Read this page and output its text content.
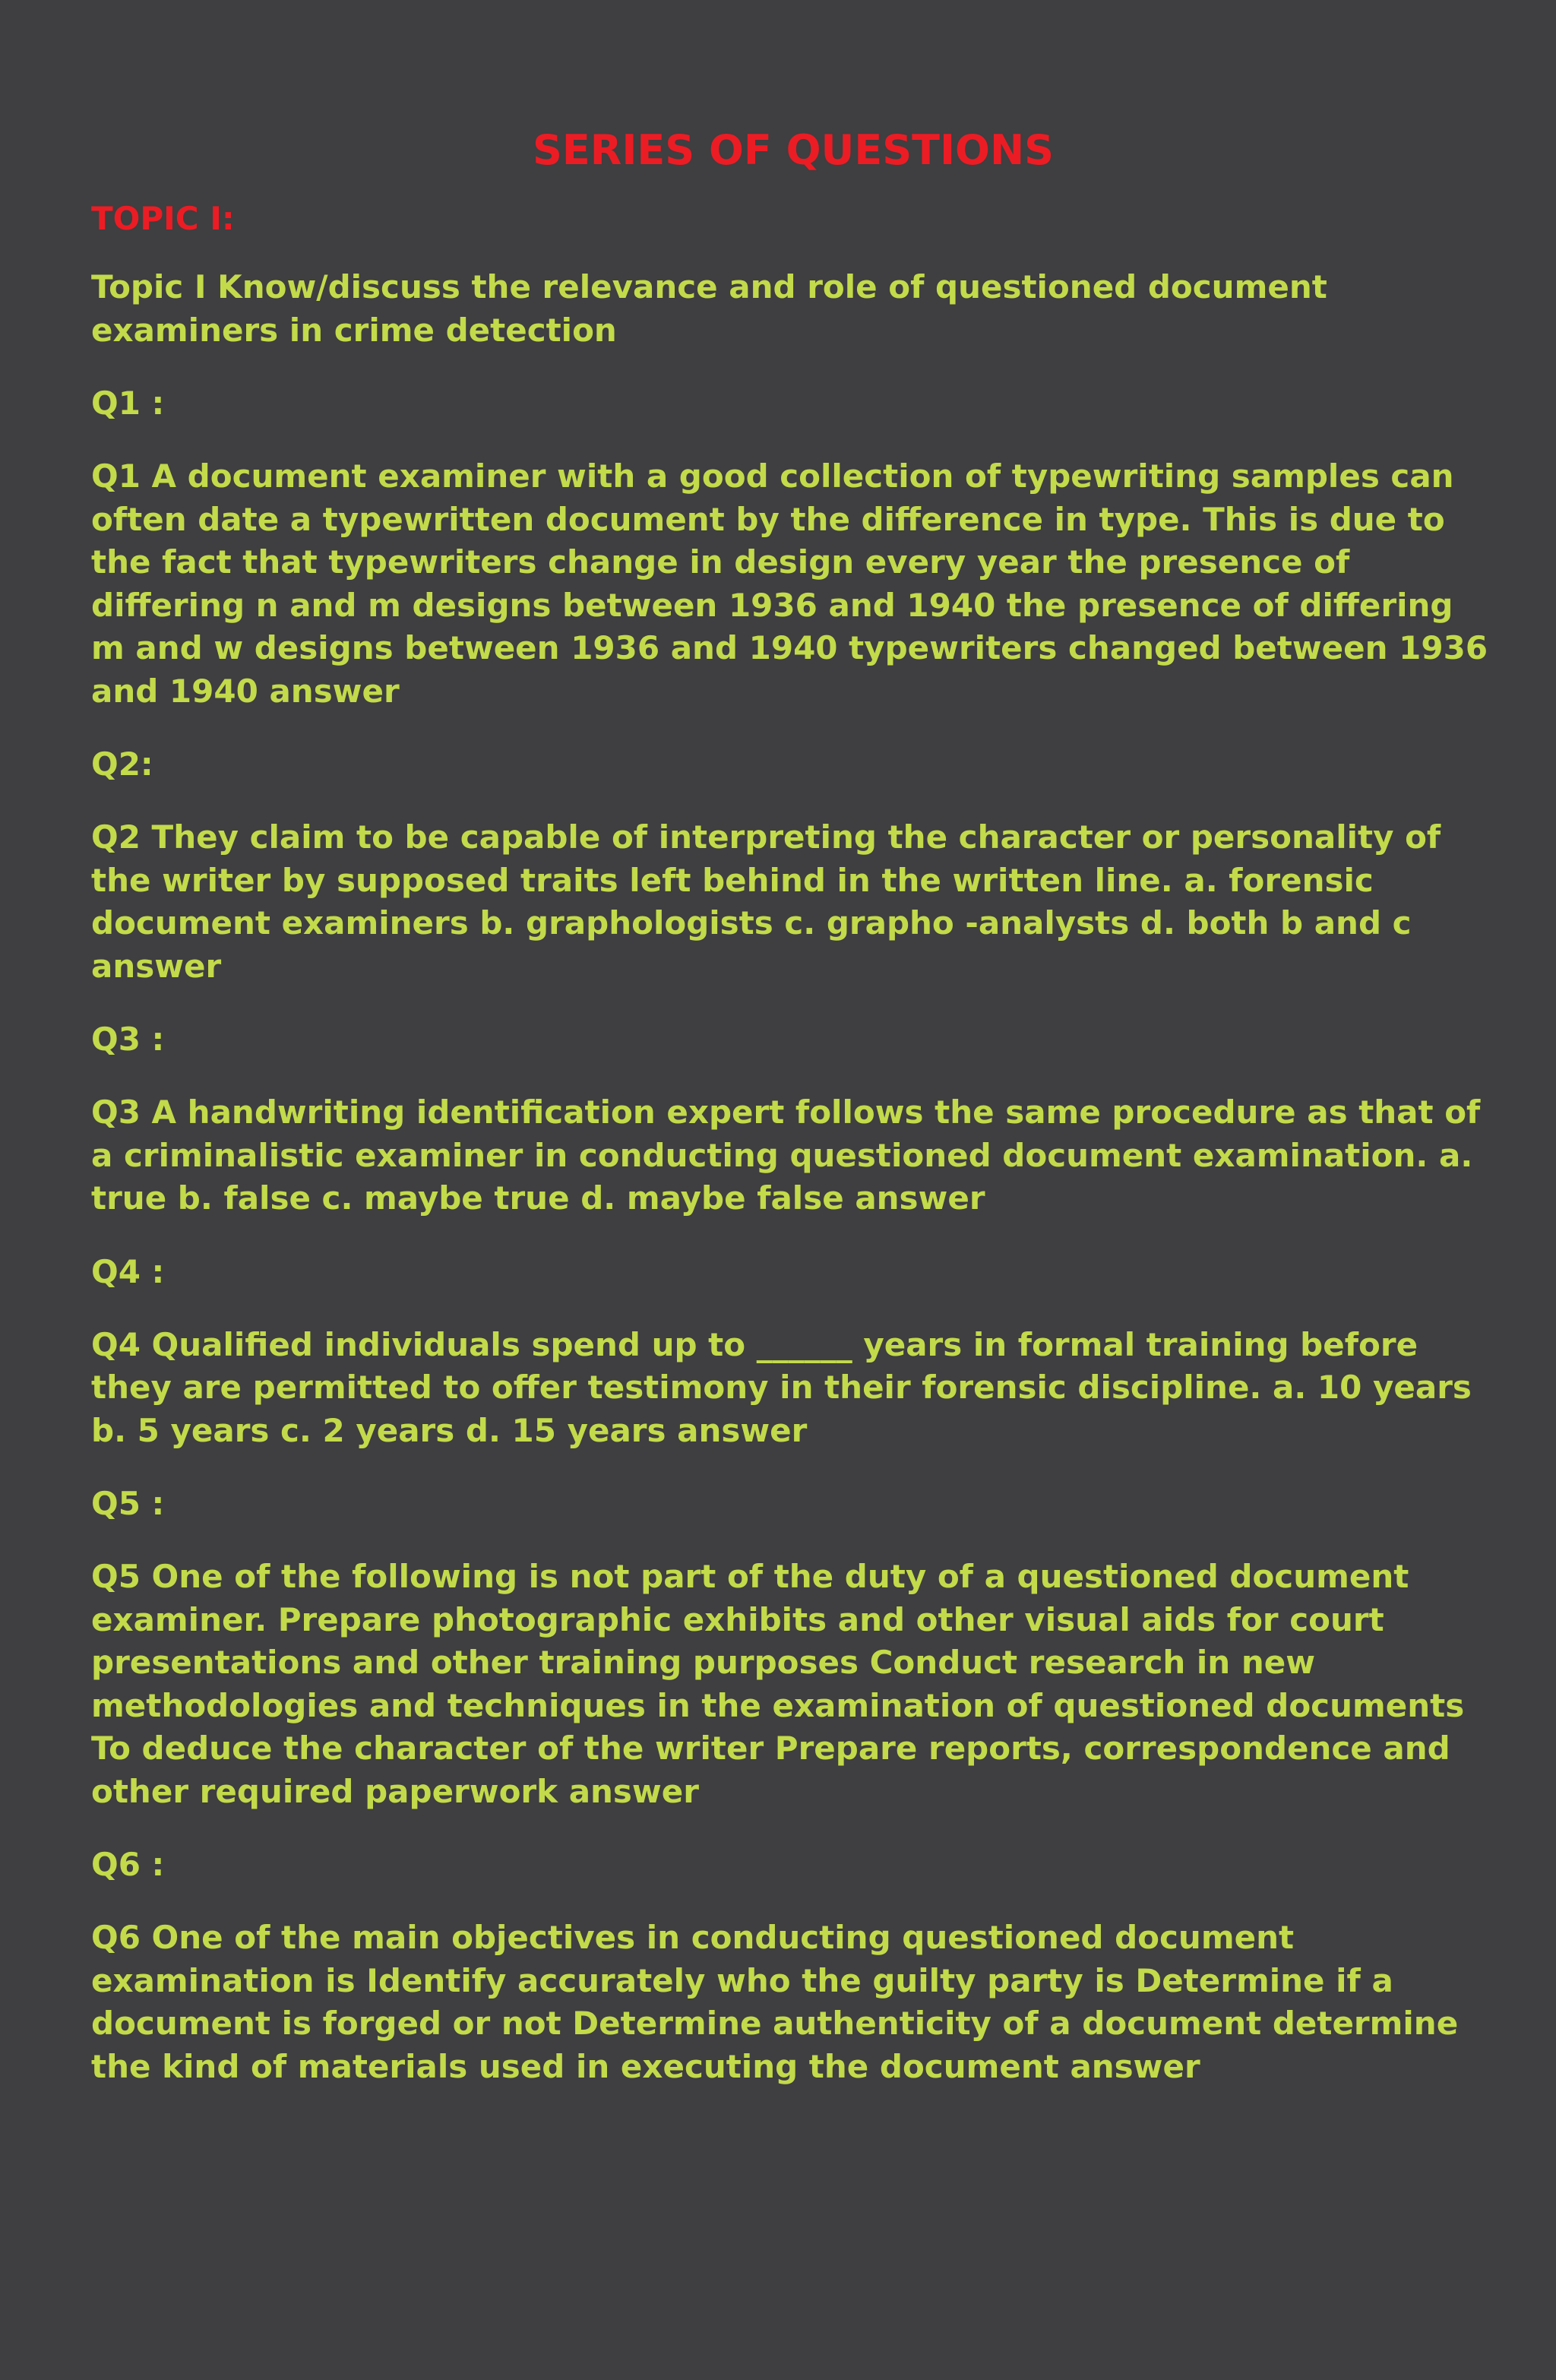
SERIES OF QUESTIONS
TOPIC I:
Topic I Know/discuss the relevance and role of questioned document examiners in crime detection
Q1 :
Q1 A document examiner with a good collection of typewriting samples can often date a typewritten document by the difference in type. This is due to the fact that typewriters change in design every year the presence of differing n and m designs between 1936 and 1940 the presence of differing m and w designs between 1936 and 1940 typewriters changed between 1936 and 1940 answer
Q2:
Q2 They claim to be capable of interpreting the character or personality of the writer by supposed traits left behind in the written line. a. forensic document examiners b. graphologists c. grapho -analysts d. both b and c answer
Q3 :
Q3 A handwriting identification expert follows the same procedure as that of a criminalistic examiner in conducting questioned document examination. a. true b. false c. maybe true d. maybe false answer
Q4 :
Q4 Qualified individuals spend up to ______ years in formal training before they are permitted to offer testimony in their forensic discipline. a. 10 years b. 5 years c. 2 years d. 15 years answer
Q5 :
Q5 One of the following is not part of the duty of a questioned document examiner. Prepare photographic exhibits and other visual aids for court presentations and other training purposes Conduct research in new methodologies and techniques in the examination of questioned documents To deduce the character of the writer Prepare reports, correspondence and other required paperwork answer
Q6 :
Q6 One of the main objectives in conducting questioned document examination is Identify accurately who the guilty party is Determine if a document is forged or not Determine authenticity of a document determine the kind of materials used in executing the document answer
